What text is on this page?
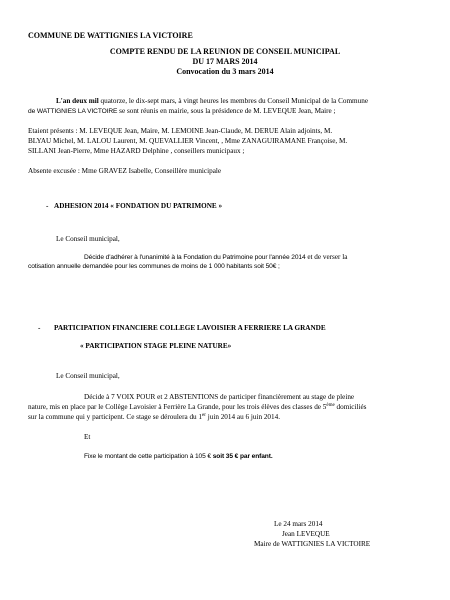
COMMUNE DE WATTIGNIES LA VICTOIRE
COMPTE RENDU DE LA REUNION DE CONSEIL MUNICIPAL
DU 17 MARS 2014
Convocation du 3 mars 2014
L'an deux mil quatorze, le dix-sept mars, à vingt heures les membres du Conseil Municipal de la Commune
de WATTIGNIES LA VICTOIRE se sont réunis en mairie, sous la présidence de M. LEVEQUE Jean, Maire ;
Etaient présents : M. LEVEQUE Jean, Maire, M. LEMOINE Jean-Claude, M. DERUE Alain adjoints, M.
BLYAU Michel, M. LALOU Laurent, M. QUEVALLIER Vincent, , Mme ZANAGUIRAMANE Françoise, M.
SILLANI Jean-Pierre, Mme HAZARD Delphine , conseillers municipaux ;
Absente excusée : Mme GRAVEZ Isabelle, Conseillère municipale
- ADHESION 2014 « FONDATION DU PATRIMONE »
Le Conseil municipal,
Décide d'adhérer à l'unanimité à la Fondation du Patrimoine pour l'année 2014 et de verser la
cotisation annuelle demandée pour les communes de moins de 1 000 habitants soit 50€ ;
- PARTICIPATION FINANCIERE COLLEGE LAVOISIER A FERRIERE LA GRANDE
« PARTICIPATION STAGE PLEINE NATURE»
Le Conseil municipal,
Décide à 7 VOIX POUR et 2 ABSTENTIONS de participer financièrement au stage de pleine
nature, mis en place par le Collège Lavoisier à Ferrière La Grande, pour les trois élèves des classes de 5ème domiciliés
sur la commune qui y participent. Ce stage se déroulera du 1er juin 2014 au 6 juin 2014.
Et
Fixe le montant de cette participation à 105 € soit 35 € par enfant.
Le 24 mars 2014
Jean LEVEQUE
Maire de WATTIGNIES LA VICTOIRE
